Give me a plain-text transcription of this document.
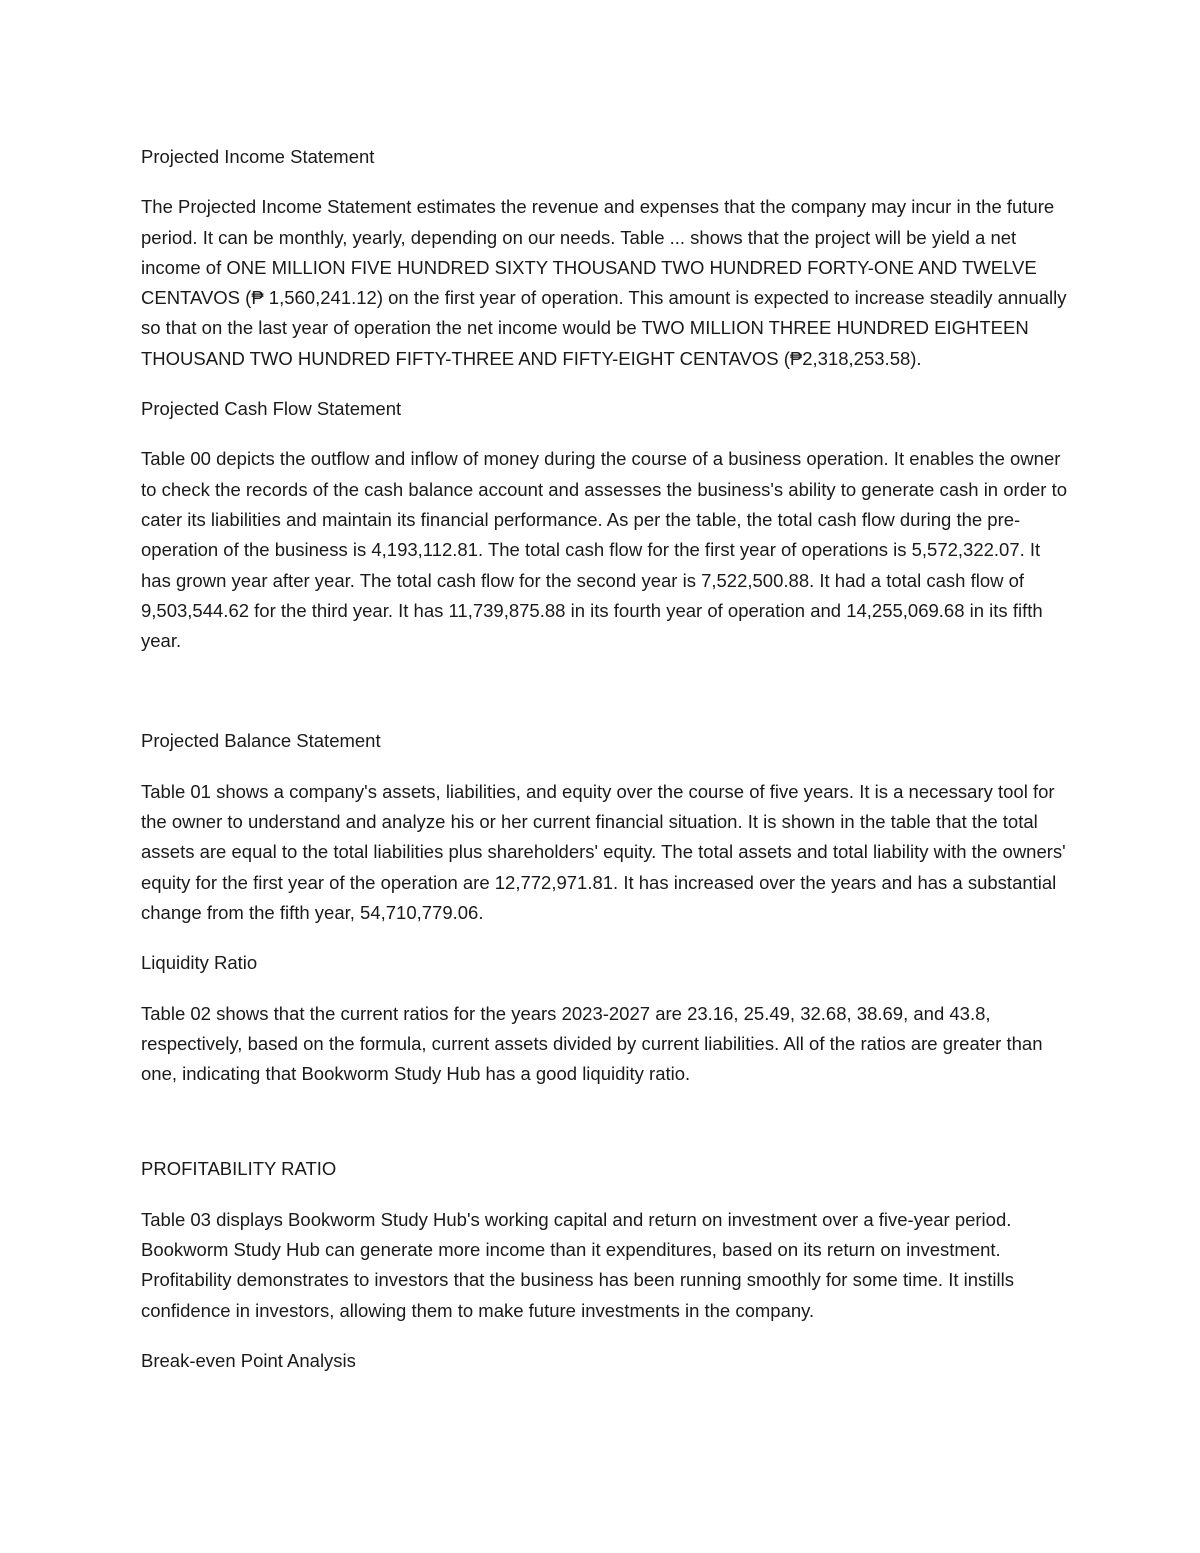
Projected Income Statement
The Projected Income Statement estimates the revenue and expenses that the company may incur in the future period. It can be monthly, yearly, depending on our needs. Table ... shows that the project will be yield a net income of ONE MILLION FIVE HUNDRED SIXTY THOUSAND TWO HUNDRED FORTY-ONE AND TWELVE CENTAVOS (₱ 1,560,241.12) on the first year of operation. This amount is expected to increase steadily annually so that on the last year of operation the net income would be TWO MILLION THREE HUNDRED EIGHTEEN THOUSAND TWO HUNDRED FIFTY-THREE AND FIFTY-EIGHT CENTAVOS (₱2,318,253.58).
Projected Cash Flow Statement
Table 00 depicts the outflow and inflow of money during the course of a business operation. It enables the owner to check the records of the cash balance account and assesses the business's ability to generate cash in order to cater its liabilities and maintain its financial performance. As per the table, the total cash flow during the pre-operation of the business is 4,193,112.81. The total cash flow for the first year of operations is 5,572,322.07. It has grown year after year. The total cash flow for the second year is 7,522,500.88. It had a total cash flow of 9,503,544.62 for the third year. It has 11,739,875.88 in its fourth year of operation and 14,255,069.68 in its fifth year.
Projected Balance Statement
Table 01 shows a company's assets, liabilities, and equity over the course of five years. It is a necessary tool for the owner to understand and analyze his or her current financial situation. It is shown in the table that the total assets are equal to the total liabilities plus shareholders' equity. The total assets and total liability with the owners' equity for the first year of the operation are 12,772,971.81. It has increased over the years and has a substantial change from the fifth year, 54,710,779.06.
Liquidity Ratio
Table 02 shows that the current ratios for the years 2023-2027 are 23.16, 25.49, 32.68, 38.69, and 43.8, respectively, based on the formula, current assets divided by current liabilities. All of the ratios are greater than one, indicating that Bookworm Study Hub has a good liquidity ratio.
PROFITABILITY RATIO
Table 03 displays Bookworm Study Hub's working capital and return on investment over a five-year period. Bookworm Study Hub can generate more income than it expenditures, based on its return on investment. Profitability demonstrates to investors that the business has been running smoothly for some time. It instills confidence in investors, allowing them to make future investments in the company.
Break-even Point Analysis
